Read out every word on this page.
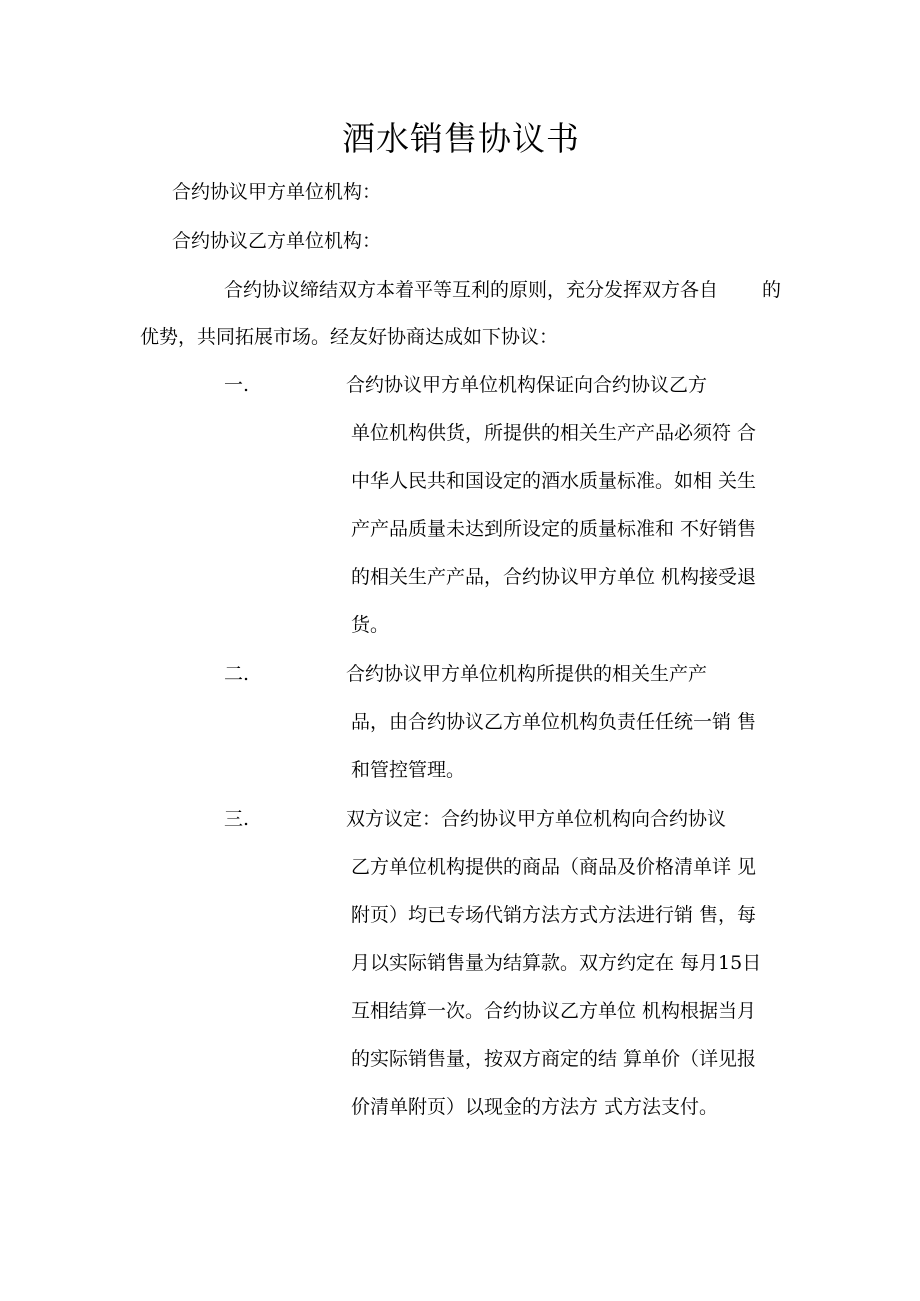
酒水销售协议书
合约协议甲方单位机构：
合约协议乙方单位机构：
合约协议缔结双方本着平等互利的原则，充分发挥双方各自 的
优势，共同拓展市场。经友好协商达成如下协议：
一.	合约协议甲方单位机构保证向合约协议乙方
单位机构供货，所提供的相关生产产品必须符 合
中华人民共和国设定的酒水质量标准。如相 关生
产产品质量未达到所设定的质量标准和 不好销售
的相关生产产品，合约协议甲方单位 机构接受退
货。
二.	合约协议甲方单位机构所提供的相关生产产
品，由合约协议乙方单位机构负责任任统一销 售
和管控管理。
三.	双方议定：合约协议甲方单位机构向合约协议
乙方单位机构提供的商品（商品及价格清单详 见
附页）均已专场代销方法方式方法进行销 售，每
月以实际销售量为结算款。双方约定在 每月15日
互相结算一次。合约协议乙方单位 机构根据当月
的实际销售量，按双方商定的结 算单价（详见报
价清单附页）以现金的方法方 式方法支付。
